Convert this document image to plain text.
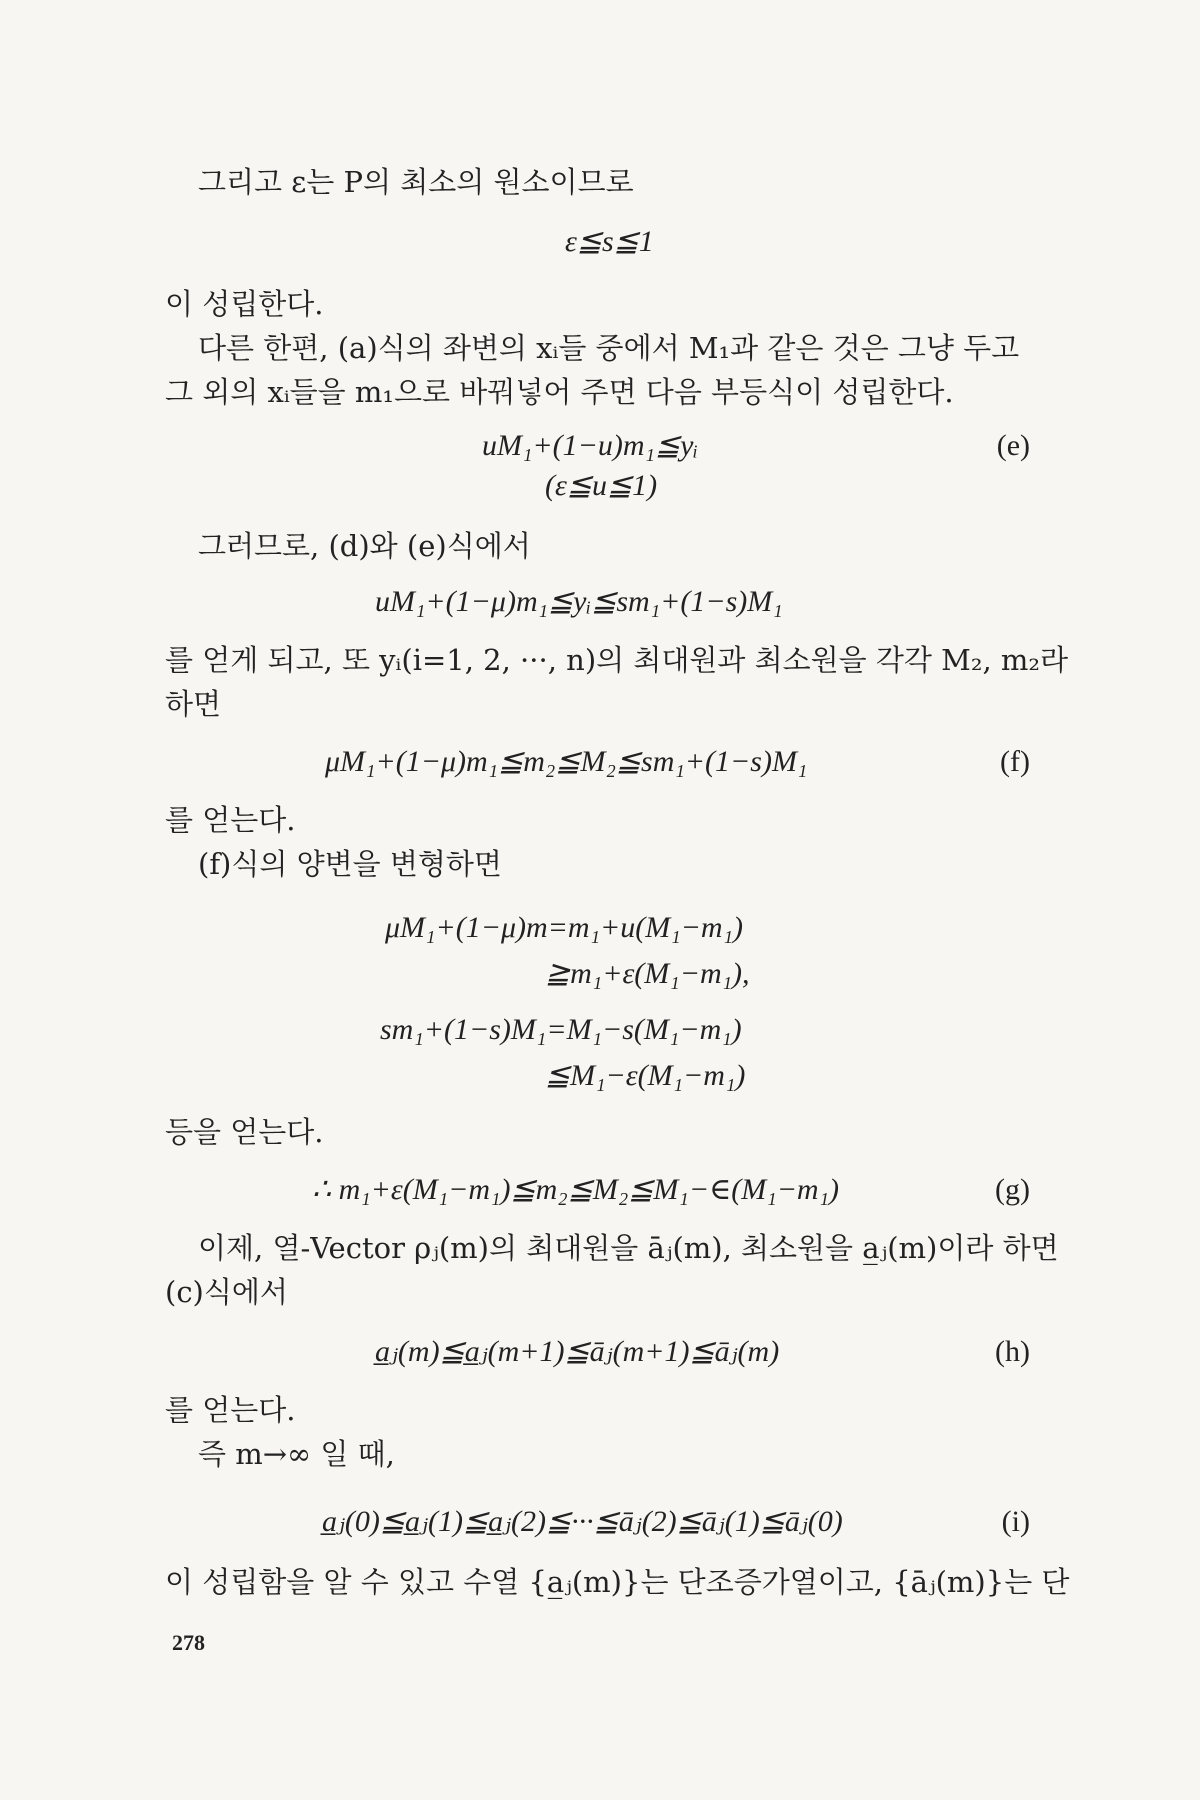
그리고 ε는 P의 최소의 원소이므로
ε≦s≦1
이 성립한다.
다른 한편, (a)식의 좌변의 xᵢ들 중에서 M₁과 같은 것은 그냥 두고
그 외의 xᵢ들을 m₁으로 바꿔넣어 주면 다음 부등식이 성립한다.
uM₁+(1−u)m₁≦yᵢ	(e)
(ε≦u≦1)
그러므로, (d)와 (e)식에서
uM₁+(1−μ)m₁≦yᵢ≦sm₁+(1−s)M₁
를 얻게 되고, 또 yᵢ(i=1, 2, ···, n)의 최대원과 최소원을 각각 M₂, m₂라
하면
μM₁+(1−μ)m₁≦m₂≦M₂≦sm₁+(1−s)M₁	(f)
를 얻는다.
(f)식의 양변을 변형하면
μM₁+(1−μ)m=m₁+u(M₁−m₁)
≧m₁+ε(M₁−m₁),
sm₁+(1−s)M₁=M₁−s(M₁−m₁)
≦M₁−ε(M₁−m₁)
등을 얻는다.
∴ m₁+ε(M₁−m₁)≦m₂≦M₂≦M₁−∈(M₁−m₁)	(g)
이제, 열-Vector ρⱼ(m)의 최대원을 āⱼ(m), 최소원을 a̲ⱼ(m)이라 하면
(c)식에서
a̲ⱼ(m)≦a̲ⱼ(m+1)≦āⱼ(m+1)≦āⱼ(m)	(h)
를 얻는다.
즉 m→∞ 일 때,
a̲ⱼ(0)≦a̲ⱼ(1)≦a̲ⱼ(2)≦···≦āⱼ(2)≦āⱼ(1)≦āⱼ(0)	(i)
이 성립함을 알 수 있고 수열 {a̲ⱼ(m)}는 단조증가열이고, {āⱼ(m)}는 단
278
